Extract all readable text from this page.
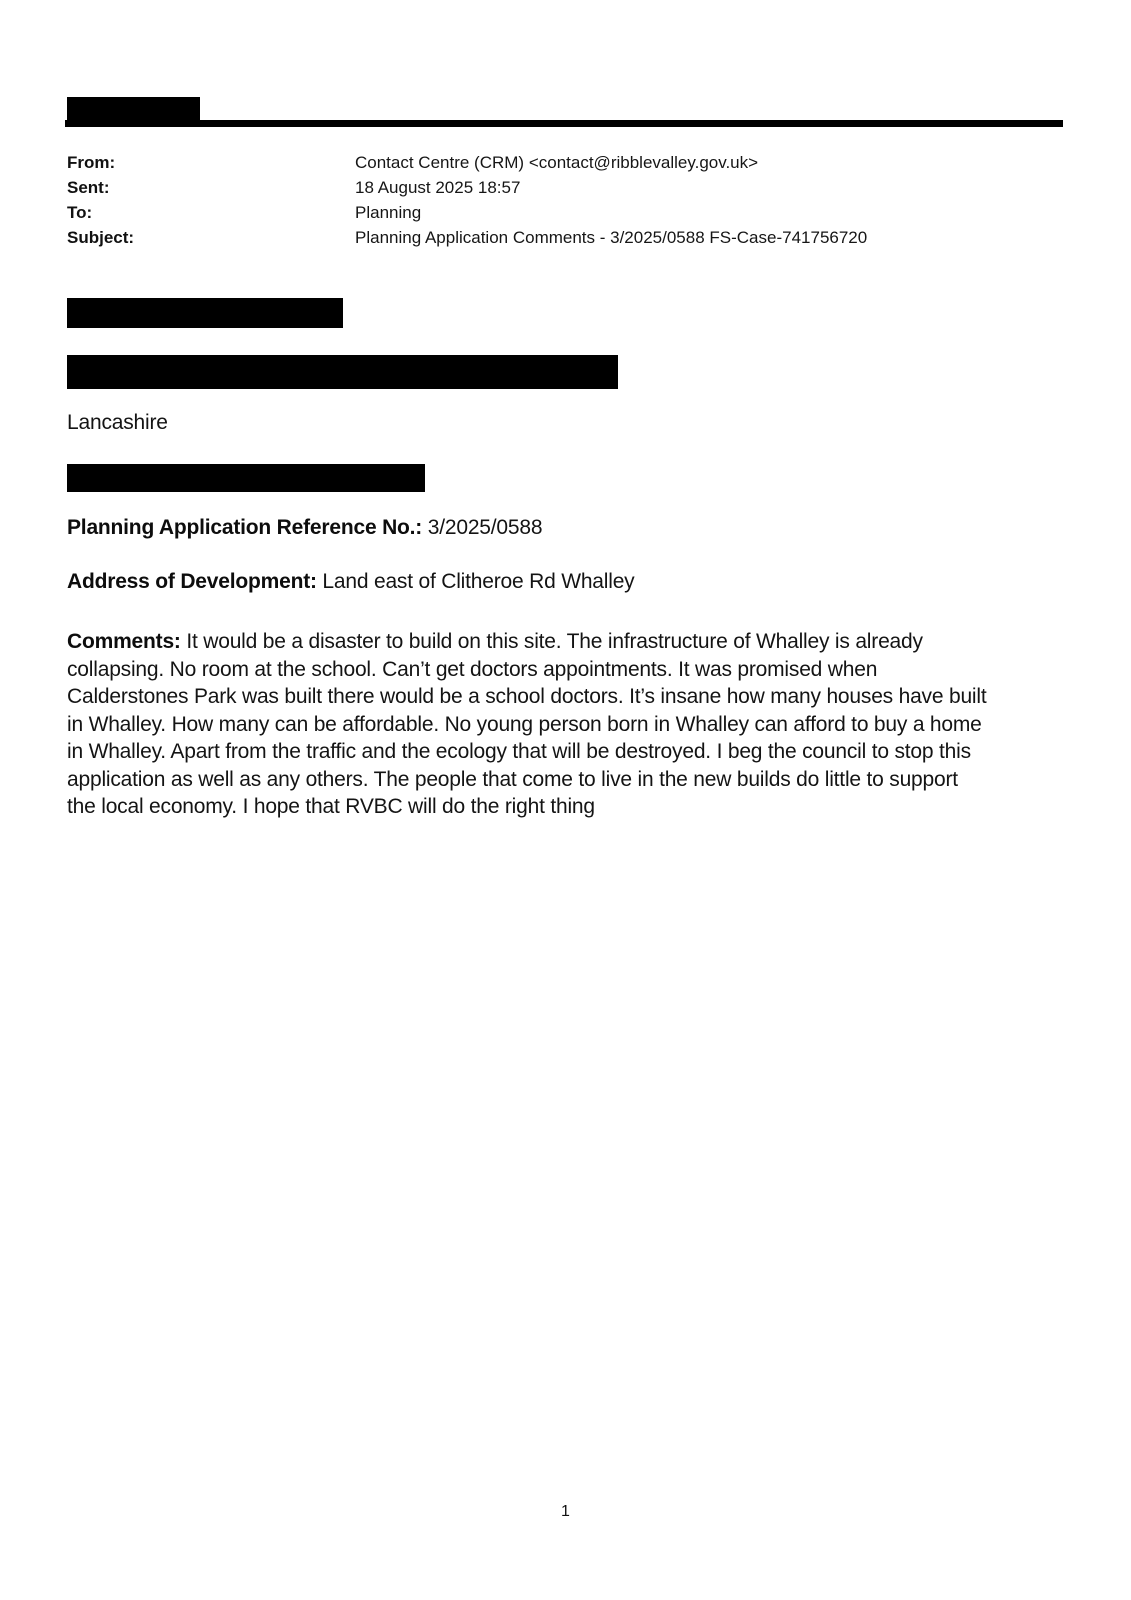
From:	Contact Centre (CRM) <contact@ribblevalley.gov.uk>
Sent:	18 August 2025 18:57
To:	Planning
Subject:	Planning Application Comments - 3/2025/0588 FS-Case-741756720
Lancashire
Planning Application Reference No.: 3/2025/0588
Address of Development: Land east of Clitheroe Rd Whalley
Comments: It would be a disaster to build on this site. The infrastructure of Whalley is already
collapsing. No room at the school. Can’t get doctors appointments. It was promised when
Calderstones Park was built there would be a school doctors. It’s insane how many houses have built
in Whalley. How many can be affordable. No young person born in Whalley can afford to buy a home
in Whalley. Apart from the traffic and the ecology that will be destroyed. I beg the council to stop this
application as well as any others. The people that come to live in the new builds do little to support
the local economy. I hope that RVBC will do the right thing
1
